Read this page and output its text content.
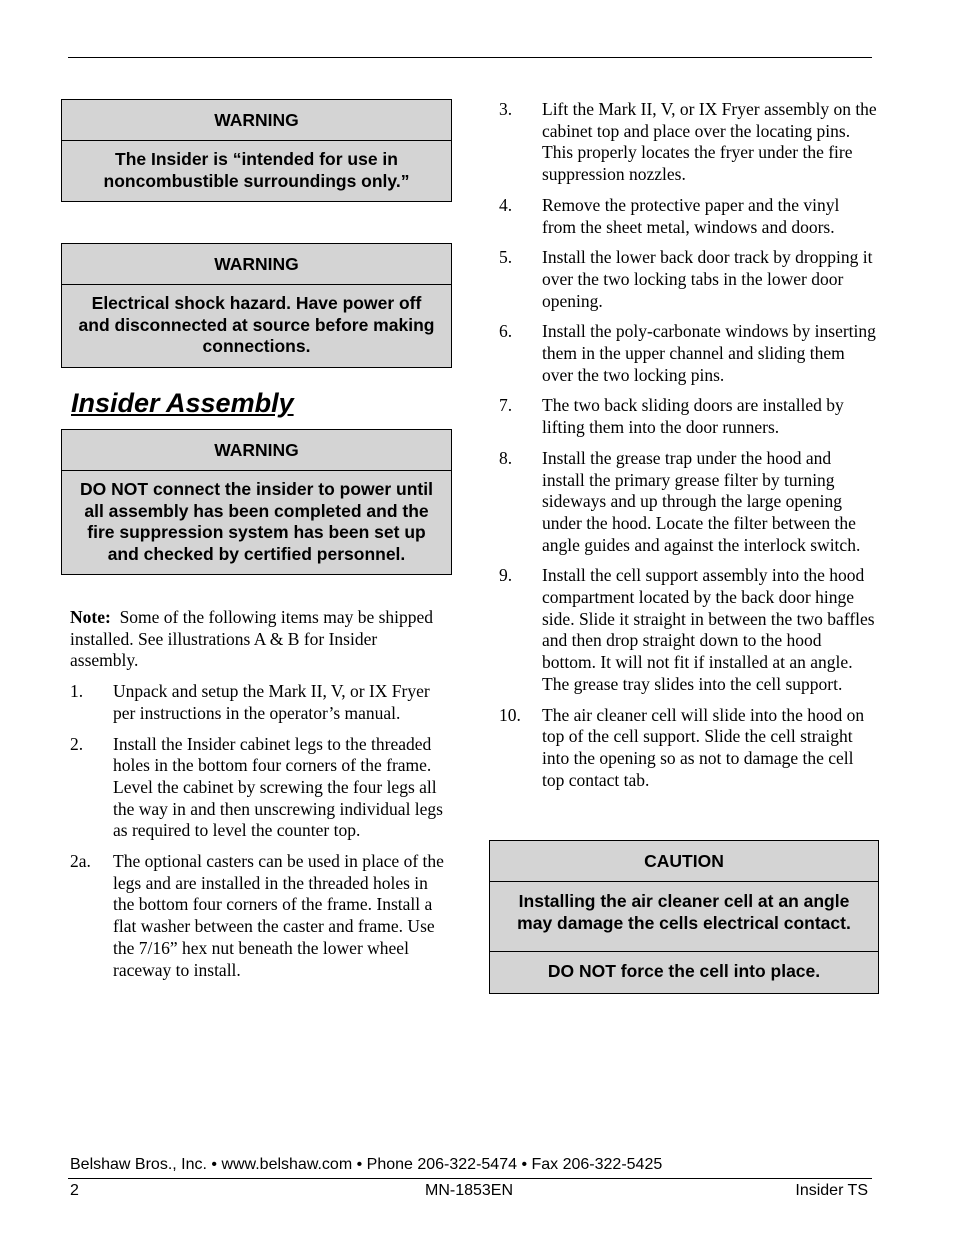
WARNING
The Insider is “intended for use in noncombustible surroundings only.”
WARNING
Electrical shock hazard. Have power off and disconnected at source before making connections.
Insider Assembly
WARNING
DO NOT connect the insider to power until all assembly has been completed and the fire suppression system has been set up and checked by certified personnel.

Note: Some of the following items may be shipped installed. See illustrations A & B for Insider assembly.

1. Unpack and setup the Mark II, V, or IX Fryer per instructions in the operator’s manual.
2. Install the Insider cabinet legs to the threaded holes in the bottom four corners of the frame. Level the cabinet by screwing the four legs all the way in and then unscrewing individual legs as required to level the counter top.
2a. The optional casters can be used in place of the legs and are installed in the threaded holes in the bottom four corners of the frame. Install a flat washer between the caster and frame. Use the 7/16” hex nut beneath the lower wheel raceway to install.
3. Lift the Mark II, V, or IX Fryer assembly on the cabinet top and place over the locating pins. This properly locates the fryer under the fire suppression nozzles.
4. Remove the protective paper and the vinyl from the sheet metal, windows and doors.
5. Install the lower back door track by dropping it over the two locking tabs in the lower door opening.
6. Install the poly-carbonate windows by inserting them in the upper channel and sliding them over the two locking pins.
7. The two back sliding doors are installed by lifting them into the door runners.
8. Install the grease trap under the hood and install the primary grease filter by turning sideways and up through the large opening under the hood. Locate the filter between the angle guides and against the interlock switch.
9. Install the cell support assembly into the hood compartment located by the back door hinge side. Slide it straight in between the two baffles and then drop straight down to the hood bottom. It will not fit if installed at an angle. The grease tray slides into the cell support.
10. The air cleaner cell will slide into the hood on top of the cell support. Slide the cell straight into the opening so as not to damage the cell top contact tab.
CAUTION
Installing the air cleaner cell at an angle may damage the cells electrical contact.
DO NOT force the cell into place.
Belshaw Bros., Inc. • www.belshaw.com • Phone 206-322-5474 • Fax 206-322-5425
2	MN-1853EN	Insider TS
